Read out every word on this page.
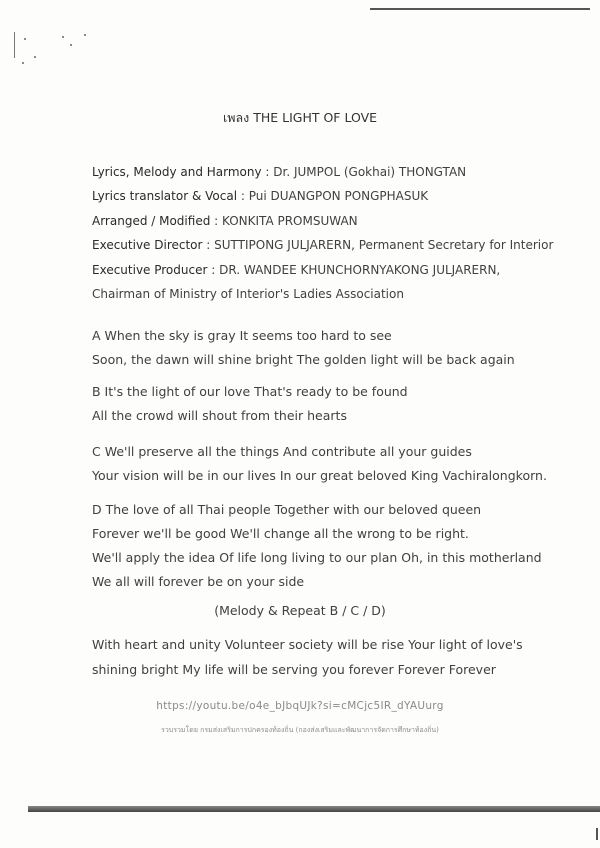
เพลง THE LIGHT OF LOVE
Lyrics, Melody and Harmony : Dr. JUMPOL (Gokhai) THONGTAN
Lyrics translator & Vocal : Pui DUANGPON PONGPHASUK
Arranged / Modified : KONKITA PROMSUWAN
Executive Director : SUTTIPONG JULJARERN, Permanent Secretary for Interior
Executive Producer : DR. WANDEE KHUNCHORNYAKONG JULJARERN,
Chairman of Ministry of Interior's Ladies Association
A When the sky is gray It seems too hard to see
Soon, the dawn will shine bright The golden light will be back again
B It's the light of our love That's ready to be found
All the crowd will shout from their hearts
C We'll preserve all the things And contribute all your guides
Your vision will be in our lives In our great beloved King Vachiralongkorn.
D The love of all Thai people Together with our beloved queen
Forever we'll be good We'll change all the wrong to be right.
We'll apply the idea Of life long living to our plan Oh, in this motherland
We all will forever be on your side
(Melody & Repeat B / C / D)
With heart and unity Volunteer society will be rise Your light of love's
shining bright My life will be serving you forever Forever Forever
https://youtu.be/o4e_bJbqUJk?si=cMCjc5IR_dYAUurg
รวบรวมโดย กรมส่งเสริมการปกครองท้องถิ่น (กองส่งเสริมและพัฒนาการจัดการศึกษาท้องถิ่น)
